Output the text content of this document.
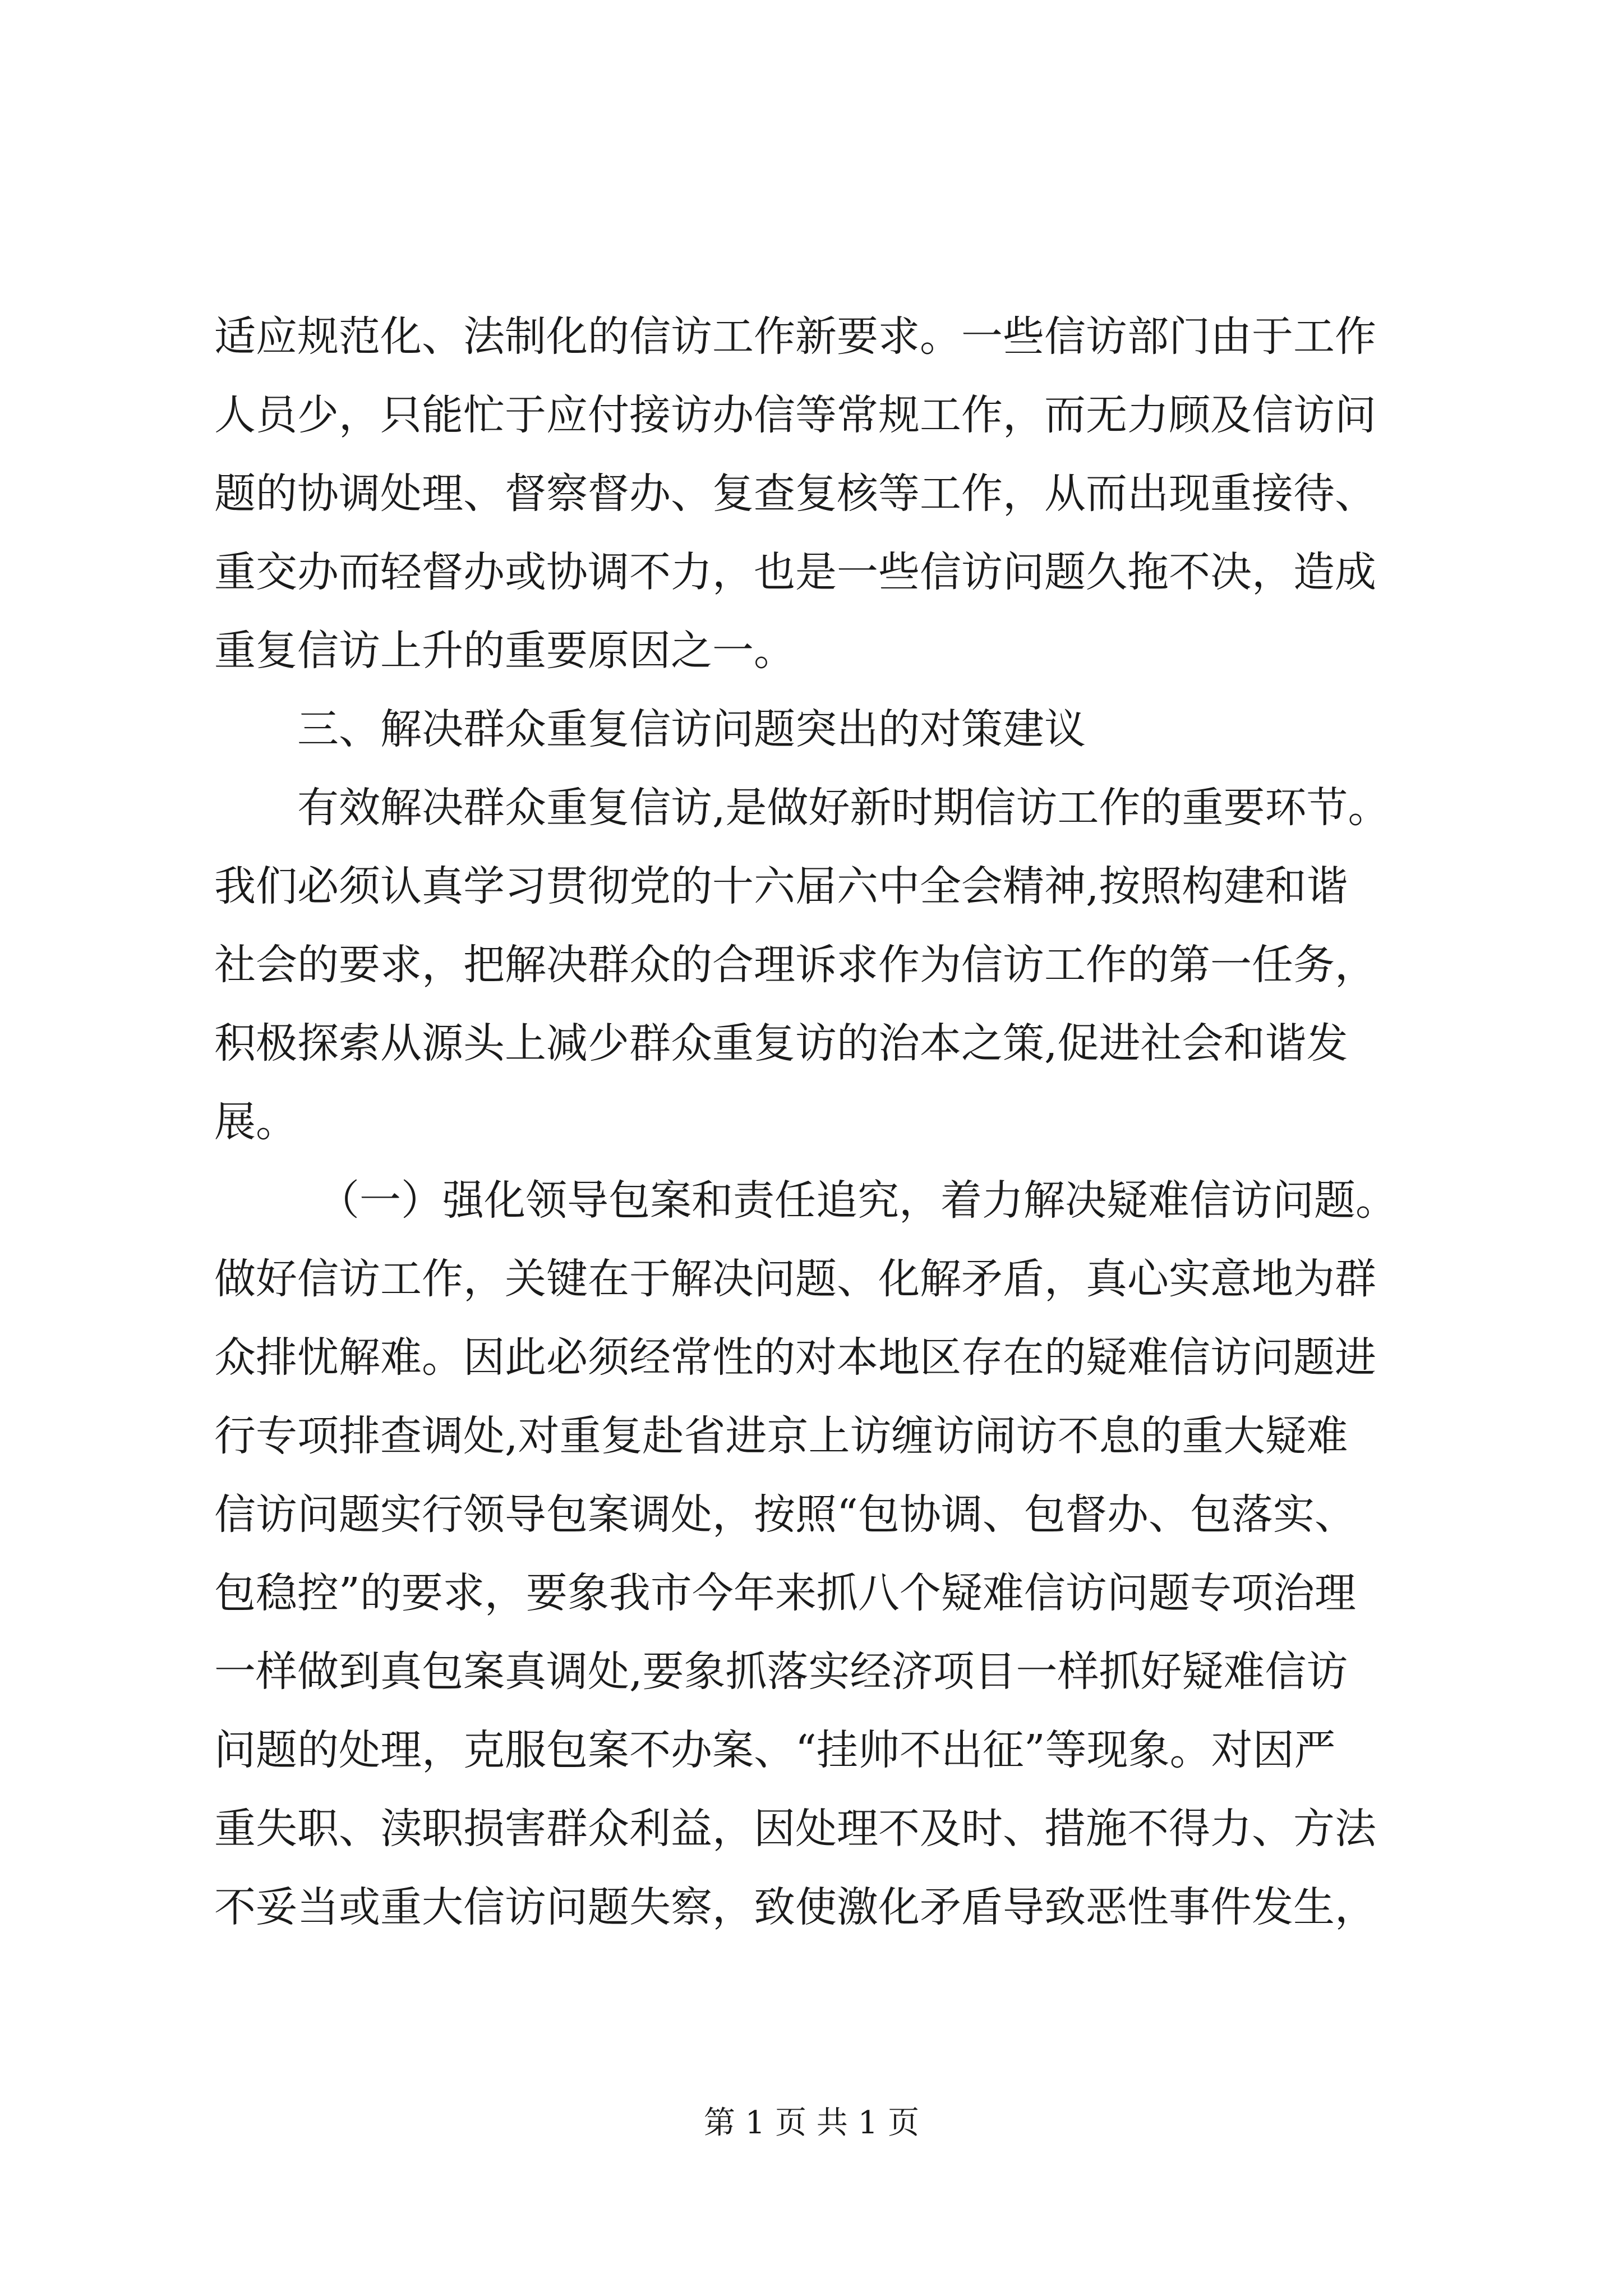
适应规范化、法制化的信访工作新要求。一些信访部门由于工作
人员少，只能忙于应付接访办信等常规工作，而无力顾及信访问
题的协调处理、督察督办、复查复核等工作，从而出现重接待、
重交办而轻督办或协调不力，也是一些信访问题久拖不决，造成
重复信访上升的重要原因之一。
三、解决群众重复信访问题突出的对策建议
有效解决群众重复信访,是做好新时期信访工作的重要环节。
我们必须认真学习贯彻党的十六届六中全会精神,按照构建和谐
社会的要求，把解决群众的合理诉求作为信访工作的第一任务，
积极探索从源头上减少群众重复访的治本之策,促进社会和谐发
展。
（一）强化领导包案和责任追究，着力解决疑难信访问题。
做好信访工作，关键在于解决问题、化解矛盾，真心实意地为群
众排忧解难。因此必须经常性的对本地区存在的疑难信访问题进
行专项排查调处,对重复赴省进京上访缠访闹访不息的重大疑难
信访问题实行领导包案调处，按照“包协调、包督办、包落实、
包稳控”的要求，要象我市今年来抓八个疑难信访问题专项治理
一样做到真包案真调处,要象抓落实经济项目一样抓好疑难信访
问题的处理，克服包案不办案、“挂帅不出征”等现象。对因严
重失职、渎职损害群众利益，因处理不及时、措施不得力、方法
不妥当或重大信访问题失察，致使激化矛盾导致恶性事件发生，
第 1 页 共 1 页
